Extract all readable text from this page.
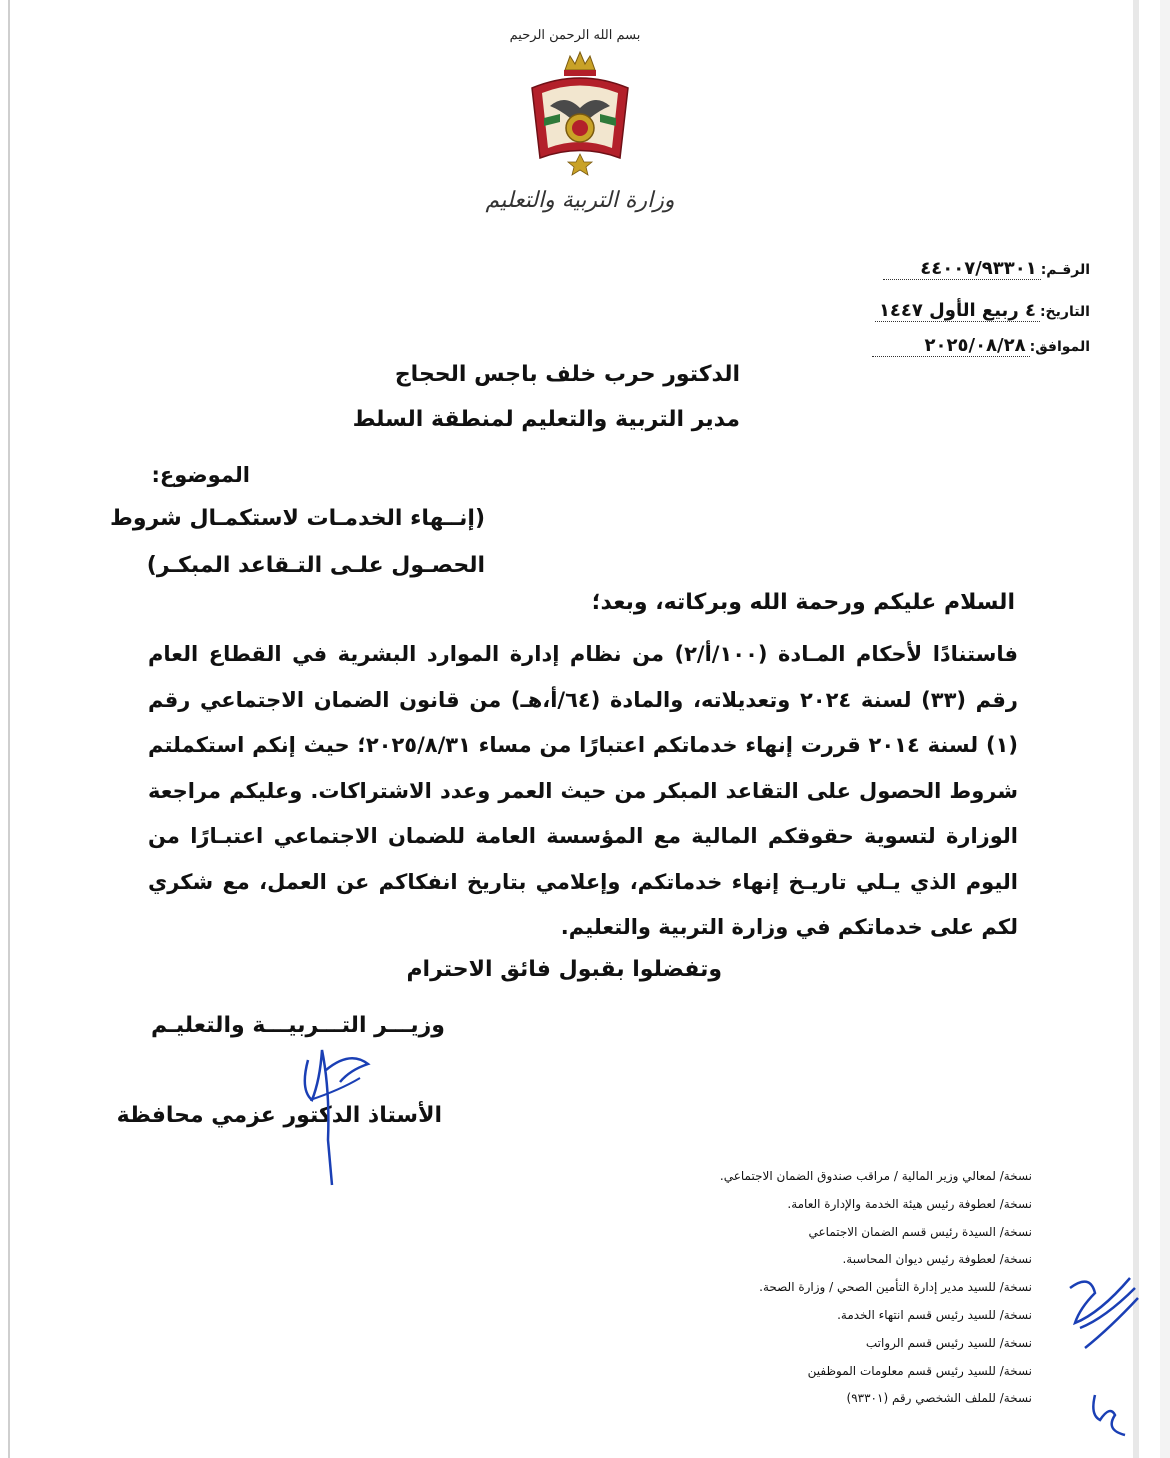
بسم الله الرحمن الرحيم
وزارة التربية والتعليم
الرقـم:
٤٤٠٠٧/٩٣٣٠١
التاريخ:
٤ ربيع الأول ١٤٤٧
الموافق:
٢٠٢٥/٠٨/٢٨
الدكتور حرب خلف باجس الحجاج
مدير التربية والتعليم لمنطقة السلط
الموضوع:
(إنــهاء الخدمـات لاستكمـال شروط
الحصـول علـى التـقاعد المبكـر)
السلام عليكم ورحمة الله وبركاته، وبعد؛
فاستنادًا لأحكام المـادة (١٠٠/أ/٢) من نظام إدارة الموارد البشرية في القطاع العام رقم (٣٣) لسنة ٢٠٢٤ وتعديلاته، والمادة (٦٤/أ،هـ) من قانون الضمان الاجتماعي رقم (١) لسنة ٢٠١٤ قررت إنهاء خدماتكم اعتبارًا من مساء ٢٠٢٥/٨/٣١؛ حيث إنكم استكملتم شروط الحصول على التقاعد المبكر من حيث العمر وعدد الاشتراكات. وعليكم مراجعة الوزارة لتسوية حقوقكم المالية مع المؤسسة العامة للضمان الاجتماعي اعتبـارًا من اليوم الذي يـلي تاريـخ إنهاء خدماتكم، وإعلامي بتاريخ انفكاكم عن العمل، مع شكري لكم على خدماتكم في وزارة التربية والتعليم.
وتفضلوا بقبول فائق الاحترام
وزيـــر التـــربيـــة والتعليـم
الأستاذ الدكتور عزمي محافظة
نسخة/ لمعالي وزير المالية / مراقب صندوق الضمان الاجتماعي.
نسخة/ لعطوفة رئيس هيئة الخدمة والإدارة العامة.
نسخة/ السيدة رئيس قسم الضمان الاجتماعي
نسخة/ لعطوفة رئيس ديوان المحاسبة.
نسخة/ للسيد مدير إدارة التأمين الصحي / وزارة الصحة.
نسخة/ للسيد رئيس قسم انتهاء الخدمة.
نسخة/ للسيد رئيس قسم الرواتب
نسخة/ للسيد رئيس قسم معلومات الموظفين
نسخة/ للملف الشخصي رقم (٩٣٣٠١)
